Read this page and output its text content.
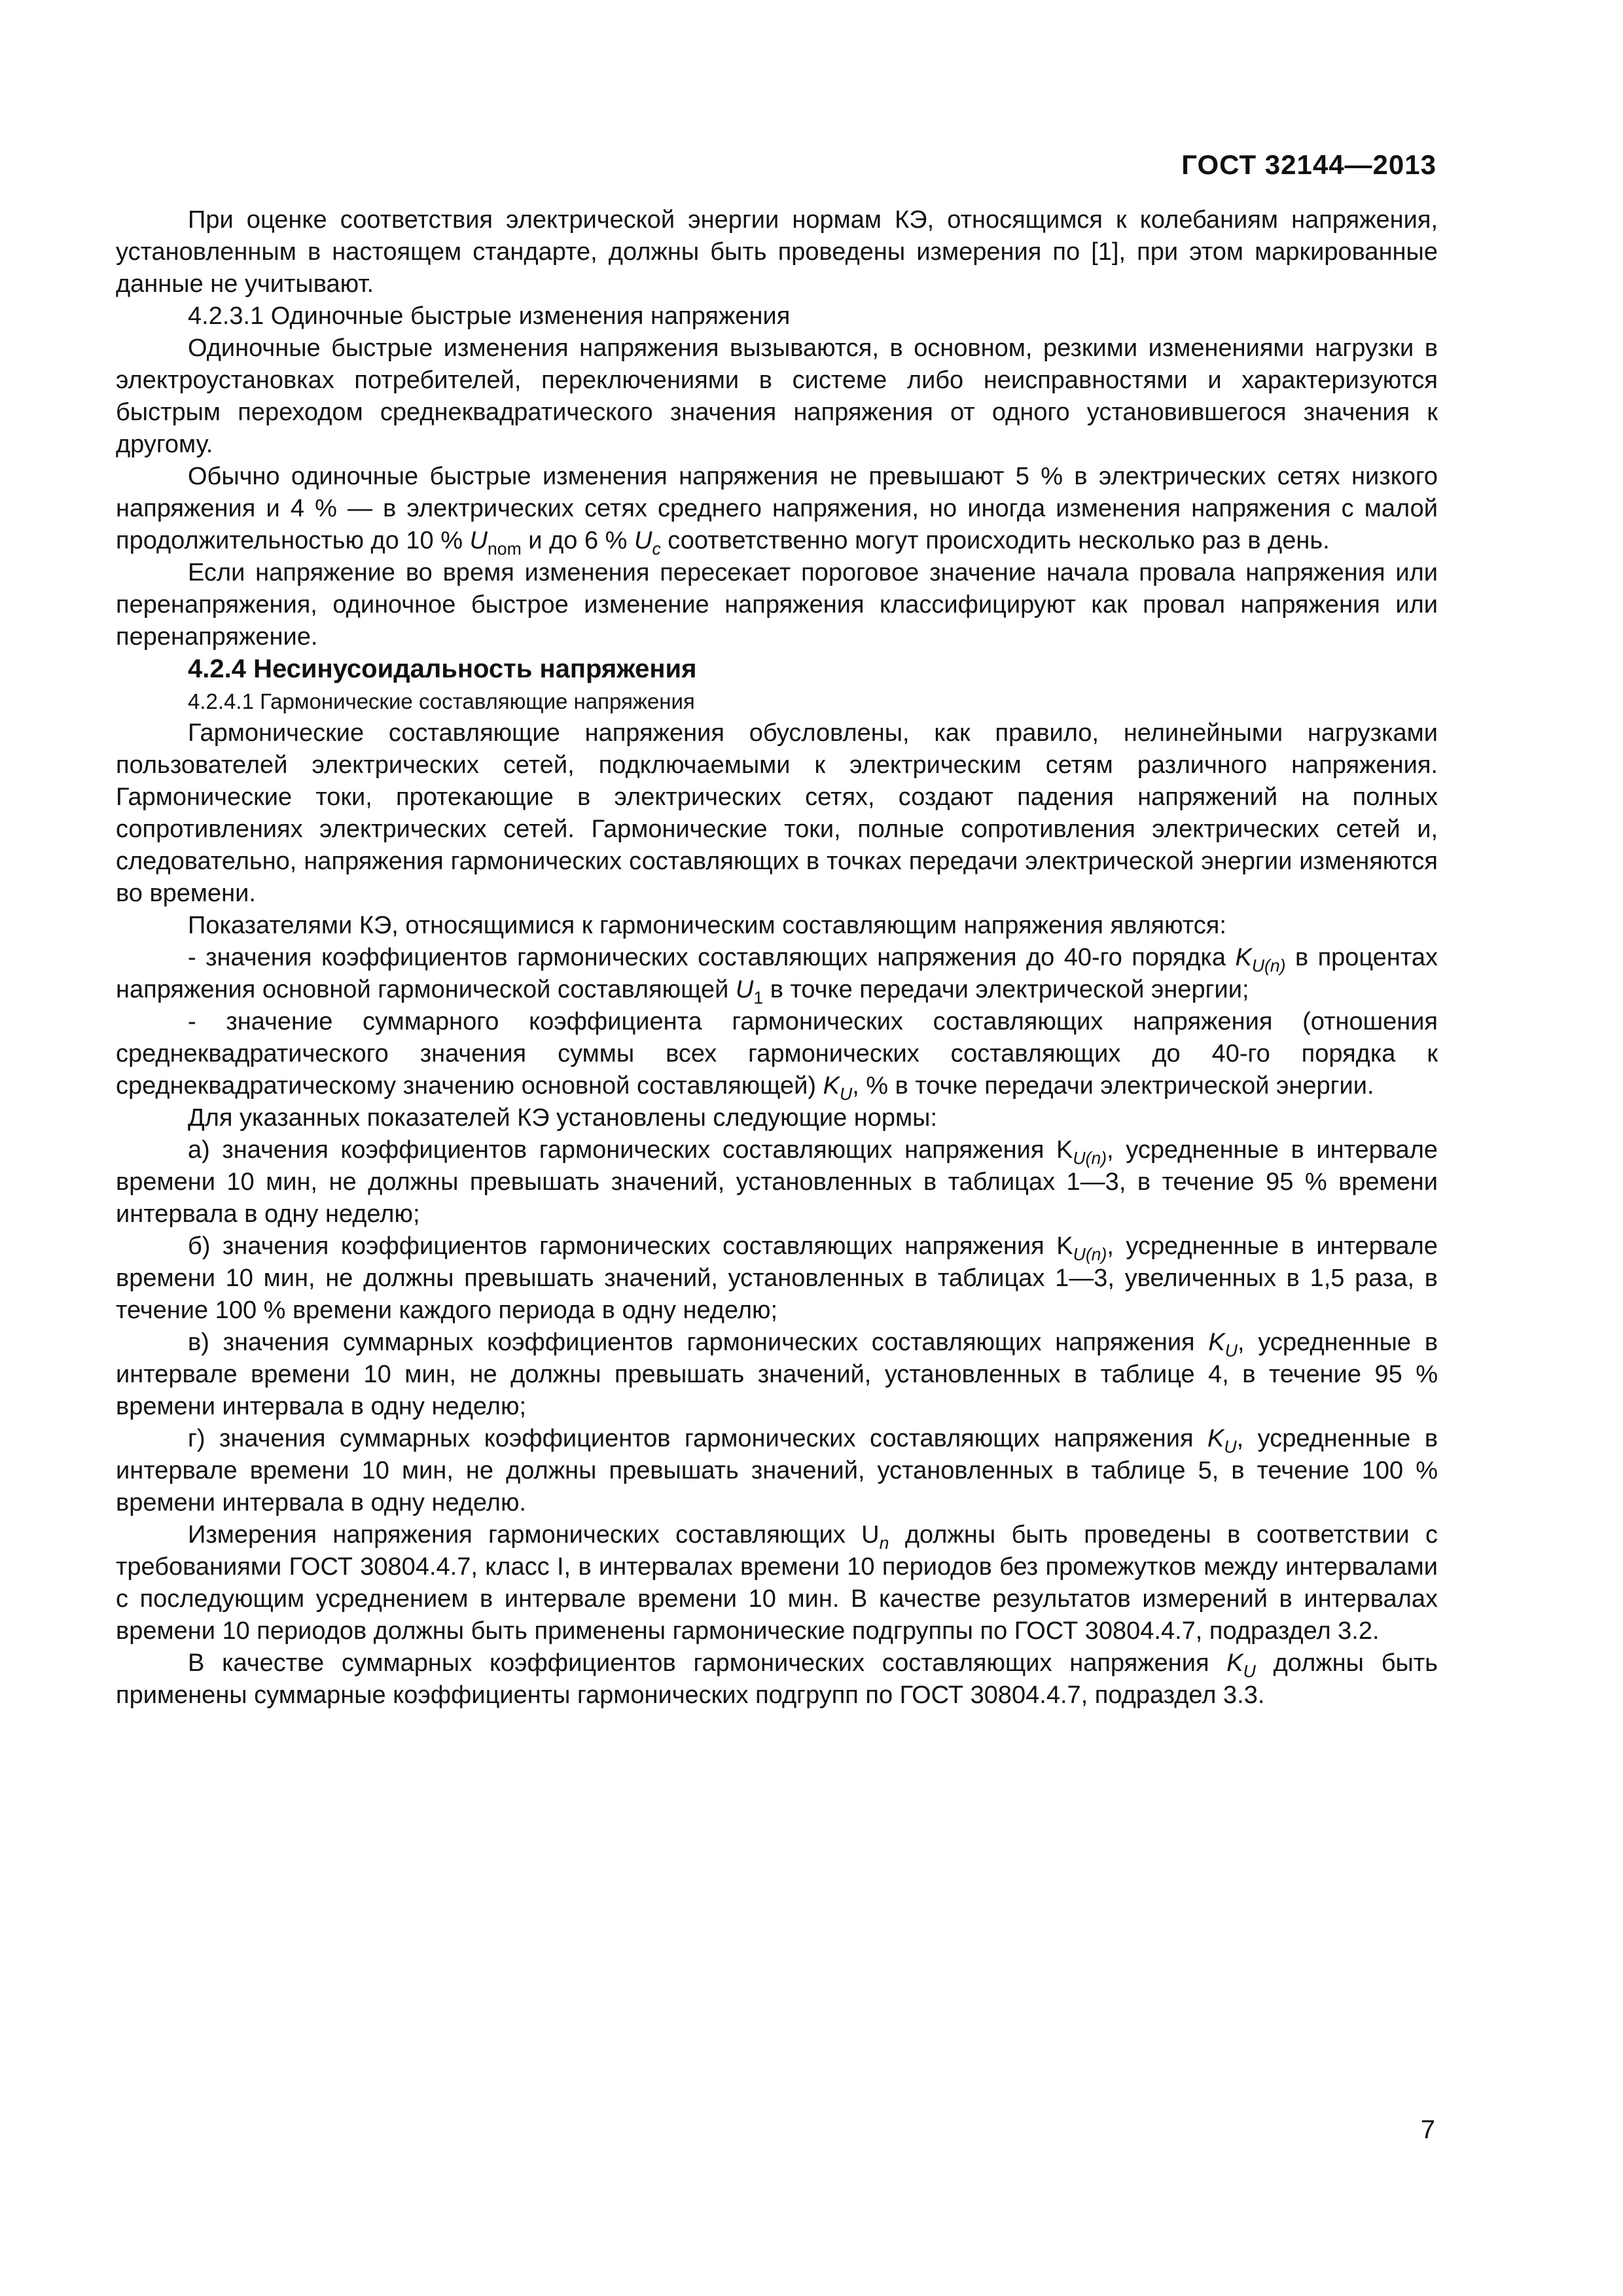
ГОСТ 32144—2013

При оценке соответствия электрической энергии нормам КЭ, относящимся к колебаниям напряжения, установленным в настоящем стандарте, должны быть проведены измерения по [1], при этом маркированные данные не учитывают.

4.2.3.1 Одиночные быстрые изменения напряжения

Одиночные быстрые изменения напряжения вызываются, в основном, резкими изменениями нагрузки в электроустановках потребителей, переключениями в системе либо неисправностями и характеризуются быстрым переходом среднеквадратического значения напряжения от одного установившегося значения к другому.

Обычно одиночные быстрые изменения напряжения не превышают 5 % в электрических сетях низкого напряжения и 4 % — в электрических сетях среднего напряжения, но иногда изменения напряжения с малой продолжительностью до 10 % $U_{nom}$ и до 6 % $U_c$ соответственно могут происходить несколько раз в день.

Если напряжение во время изменения пересекает пороговое значение начала провала напряжения или перенапряжения, одиночное быстрое изменение напряжения классифицируют как провал напряжения или перенапряжение.

4.2.4 Несинусоидальность напряжения

4.2.4.1 Гармонические составляющие напряжения

Гармонические составляющие напряжения обусловлены, как правило, нелинейными нагрузками пользователей электрических сетей, подключаемыми к электрическим сетям различного напряжения. Гармонические токи, протекающие в электрических сетях, создают падения напряжений на полных сопротивлениях электрических сетей. Гармонические токи, полные сопротивления электрических сетей и, следовательно, напряжения гармонических составляющих в точках передачи электрической энергии изменяются во времени.

Показателями КЭ, относящимися к гармоническим составляющим напряжения являются:

- значения коэффициентов гармонических составляющих напряжения до 40-го порядка $K_{U(n)}$ в процентах напряжения основной гармонической составляющей $U_1$ в точке передачи электрической энергии;

- значение суммарного коэффициента гармонических составляющих напряжения (отношения среднеквадратического значения суммы всех гармонических составляющих до 40-го порядка к среднеквадратическому значению основной составляющей) $K_U$, % в точке передачи электрической энергии.

Для указанных показателей КЭ установлены следующие нормы:

а) значения коэффициентов гармонических составляющих напряжения $K_{U(n)}$, усредненные в интервале времени 10 мин, не должны превышать значений, установленных в таблицах 1—3, в течение 95 % времени интервала в одну неделю;

б) значения коэффициентов гармонических составляющих напряжения $K_{U(n)}$, усредненные в интервале времени 10 мин, не должны превышать значений, установленных в таблицах 1—3, увеличенных в 1,5 раза, в течение 100 % времени каждого периода в одну неделю;

в) значения суммарных коэффициентов гармонических составляющих напряжения $K_U$, усредненные в интервале времени 10 мин, не должны превышать значений, установленных в таблице 4, в течение 95 % времени интервала в одну неделю;

г) значения суммарных коэффициентов гармонических составляющих напряжения $K_U$, усредненные в интервале времени 10 мин, не должны превышать значений, установленных в таблице 5, в течение 100 % времени интервала в одну неделю.

Измерения напряжения гармонических составляющих $U_n$ должны быть проведены в соответствии с требованиями ГОСТ 30804.4.7, класс I, в интервалах времени 10 периодов без промежутков между интервалами с последующим усреднением в интервале времени 10 мин. В качестве результатов измерений в интервалах времени 10 периодов должны быть применены гармонические подгруппы по ГОСТ 30804.4.7, подраздел 3.2.

В качестве суммарных коэффициентов гармонических составляющих напряжения $K_U$ должны быть применены суммарные коэффициенты гармонических подгрупп по ГОСТ 30804.4.7, подраздел 3.3.

7
